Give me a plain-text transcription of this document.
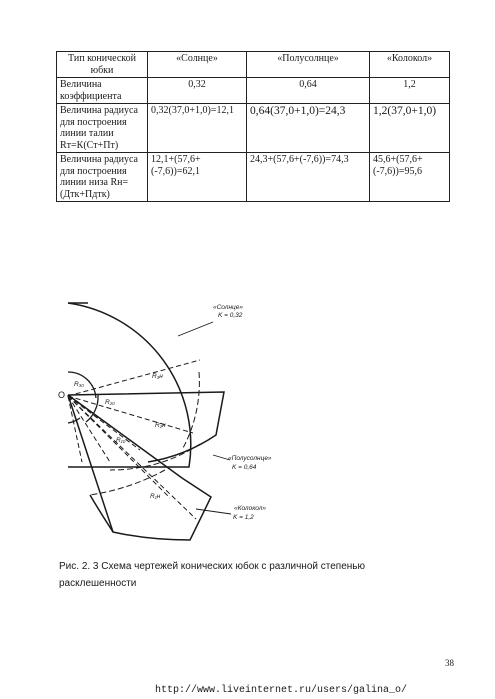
Тип конической юбки	«Солнце»	«Полусолнце»	«Колокол»
Величина коэффициента	0,32	0,64	1,2
Величина радиуса для построения линии талии Rт=К(Ст+Пт)	0,32(37,0+1,0)=12,1	0,64(37,0+1,0)=24,3	1,2(37,0+1,0)
Величина радиуса для построения линии низа Rн=(Дтк+Пдтк)	12,1+(57,6+(-7,6))=62,1	24,3+(57,6+(-7,6))=74,3	45,6+(57,6+(-7,6))=95,6
O
«Солнце»
K = 0,32
«Полусолнце»
K = 0,64
«Колокол»
K = 1,2
R₃₀
R₂₀
R₁₀
R₃н
R₂н
R₁н
Рис. 2. 3 Схема чертежей конических юбок с различной степенью расклешенности
38
http://www.liveinternet.ru/users/galina_o/
